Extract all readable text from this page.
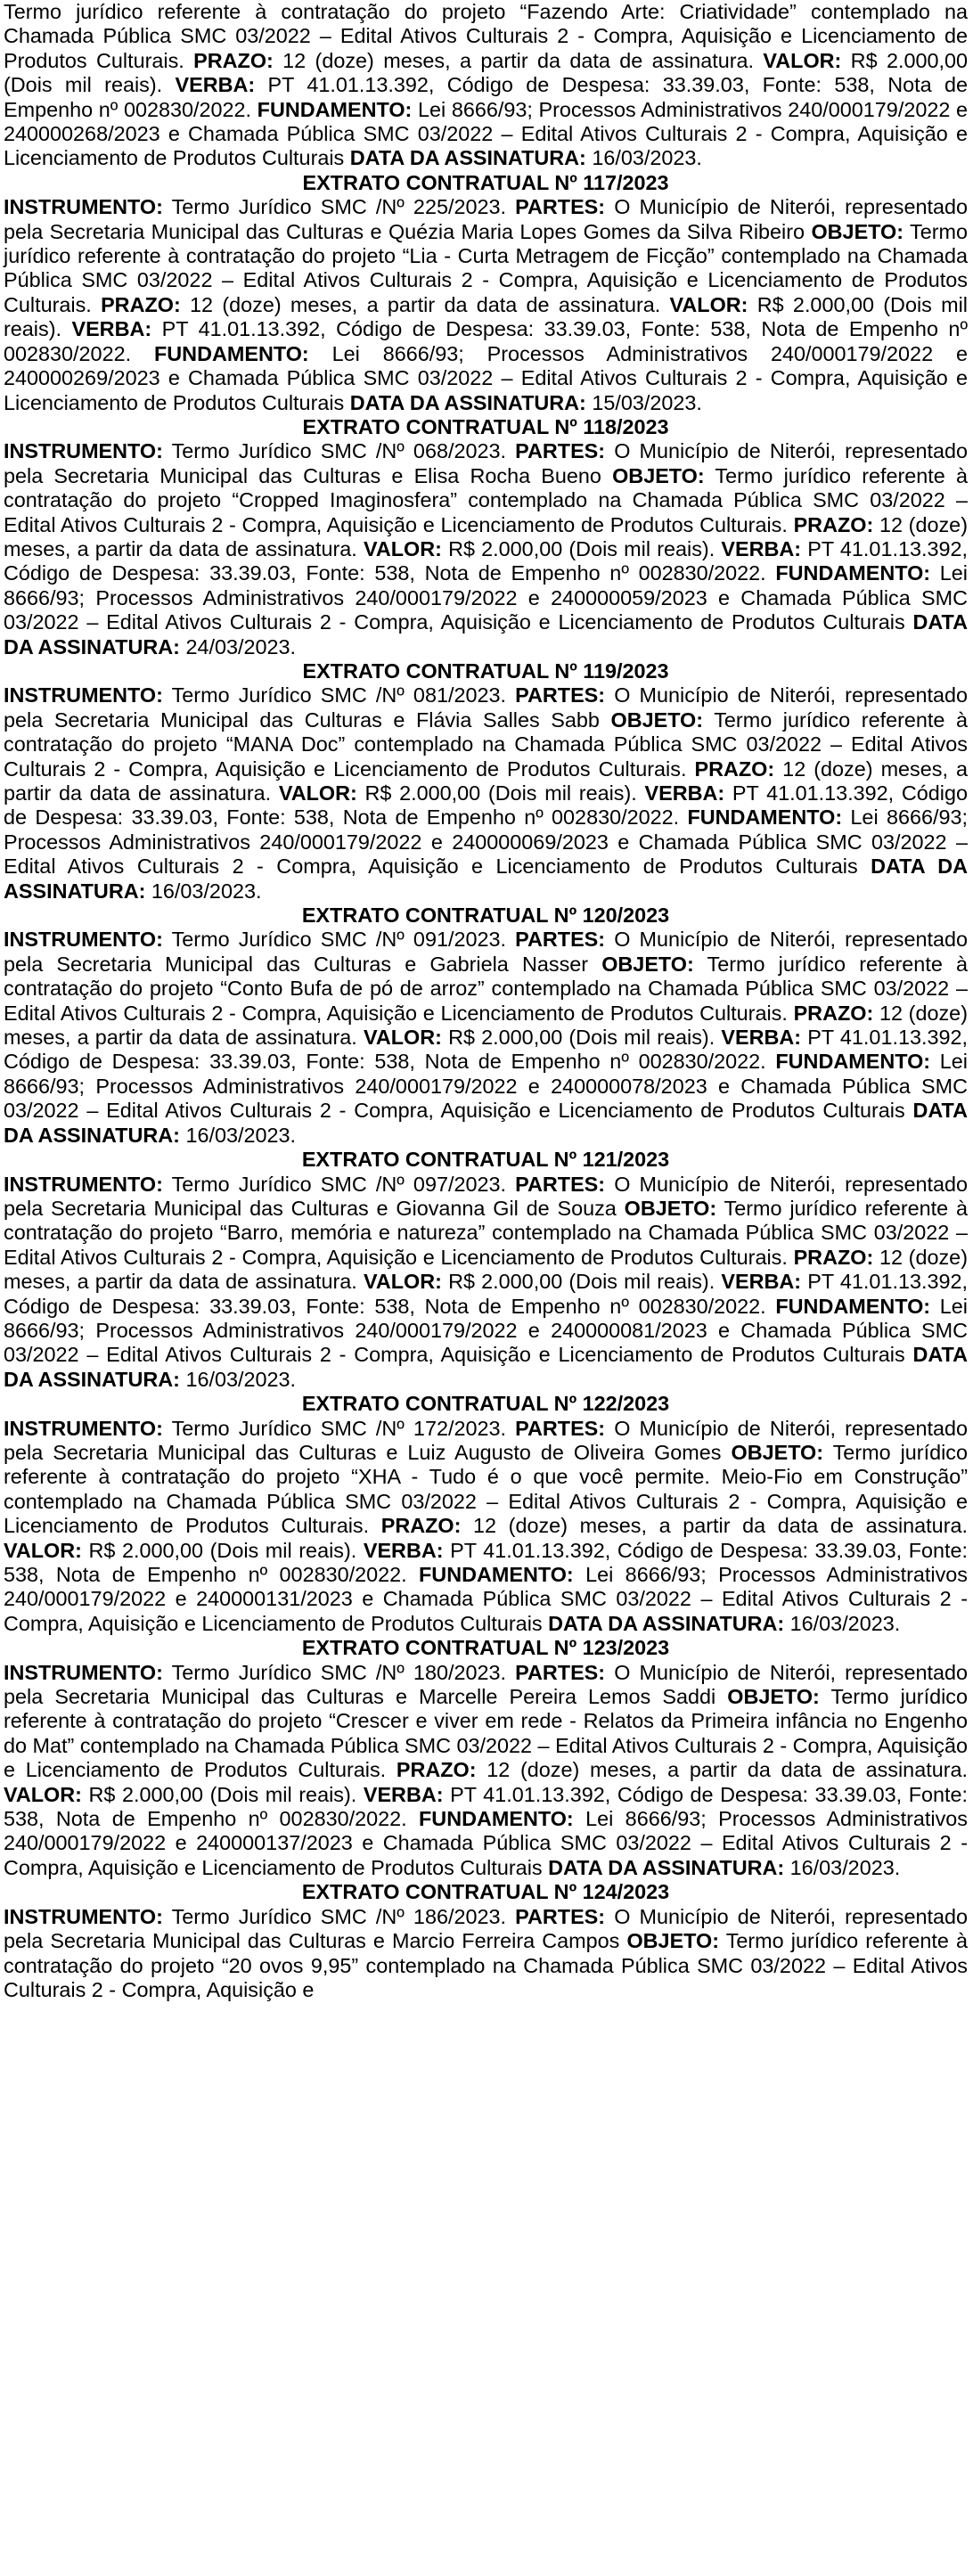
Termo jurídico referente à contratação do projeto “Fazendo Arte: Criatividade” contemplado na Chamada Pública SMC 03/2022 – Edital Ativos Culturais 2 - Compra, Aquisição e Licenciamento de Produtos Culturais. PRAZO: 12 (doze) meses, a partir da data de assinatura. VALOR: R$ 2.000,00 (Dois mil reais). VERBA: PT 41.01.13.392, Código de Despesa: 33.39.03, Fonte: 538, Nota de Empenho nº 002830/2022. FUNDAMENTO: Lei 8666/93; Processos Administrativos 240/000179/2022 e 240000268/2023 e Chamada Pública SMC 03/2022 – Edital Ativos Culturais 2 - Compra, Aquisição e Licenciamento de Produtos Culturais DATA DA ASSINATURA: 16/03/2023.
EXTRATO CONTRATUAL Nº 117/2023
INSTRUMENTO: Termo Jurídico SMC /Nº 225/2023. PARTES: O Município de Niterói, representado pela Secretaria Municipal das Culturas e Quézia Maria Lopes Gomes da Silva Ribeiro OBJETO: Termo jurídico referente à contratação do projeto “Lia - Curta Metragem de Ficção” contemplado na Chamada Pública SMC 03/2022 – Edital Ativos Culturais 2 - Compra, Aquisição e Licenciamento de Produtos Culturais. PRAZO: 12 (doze) meses, a partir da data de assinatura. VALOR: R$ 2.000,00 (Dois mil reais). VERBA: PT 41.01.13.392, Código de Despesa: 33.39.03, Fonte: 538, Nota de Empenho nº 002830/2022. FUNDAMENTO: Lei 8666/93; Processos Administrativos 240/000179/2022 e 240000269/2023 e Chamada Pública SMC 03/2022 – Edital Ativos Culturais 2 - Compra, Aquisição e Licenciamento de Produtos Culturais DATA DA ASSINATURA: 15/03/2023.
EXTRATO CONTRATUAL Nº 118/2023
INSTRUMENTO: Termo Jurídico SMC /Nº 068/2023. PARTES: O Município de Niterói, representado pela Secretaria Municipal das Culturas e Elisa Rocha Bueno OBJETO: Termo jurídico referente à contratação do projeto “Cropped Imaginosfera” contemplado na Chamada Pública SMC 03/2022 – Edital Ativos Culturais 2 - Compra, Aquisição e Licenciamento de Produtos Culturais. PRAZO: 12 (doze) meses, a partir da data de assinatura. VALOR: R$ 2.000,00 (Dois mil reais). VERBA: PT 41.01.13.392, Código de Despesa: 33.39.03, Fonte: 538, Nota de Empenho nº 002830/2022. FUNDAMENTO: Lei 8666/93; Processos Administrativos 240/000179/2022 e 240000059/2023 e Chamada Pública SMC 03/2022 – Edital Ativos Culturais 2 - Compra, Aquisição e Licenciamento de Produtos Culturais DATA DA ASSINATURA: 24/03/2023.
EXTRATO CONTRATUAL Nº 119/2023
INSTRUMENTO: Termo Jurídico SMC /Nº 081/2023. PARTES: O Município de Niterói, representado pela Secretaria Municipal das Culturas e Flávia Salles Sabb OBJETO: Termo jurídico referente à contratação do projeto “MANA Doc” contemplado na Chamada Pública SMC 03/2022 – Edital Ativos Culturais 2 - Compra, Aquisição e Licenciamento de Produtos Culturais. PRAZO: 12 (doze) meses, a partir da data de assinatura. VALOR: R$ 2.000,00 (Dois mil reais). VERBA: PT 41.01.13.392, Código de Despesa: 33.39.03, Fonte: 538, Nota de Empenho nº 002830/2022. FUNDAMENTO: Lei 8666/93; Processos Administrativos 240/000179/2022 e 240000069/2023 e Chamada Pública SMC 03/2022 – Edital Ativos Culturais 2 - Compra, Aquisição e Licenciamento de Produtos Culturais DATA DA ASSINATURA: 16/03/2023.
EXTRATO CONTRATUAL Nº 120/2023
INSTRUMENTO: Termo Jurídico SMC /Nº 091/2023. PARTES: O Município de Niterói, representado pela Secretaria Municipal das Culturas e Gabriela Nasser OBJETO: Termo jurídico referente à contratação do projeto “Conto Bufa de pó de arroz” contemplado na Chamada Pública SMC 03/2022 – Edital Ativos Culturais 2 - Compra, Aquisição e Licenciamento de Produtos Culturais. PRAZO: 12 (doze) meses, a partir da data de assinatura. VALOR: R$ 2.000,00 (Dois mil reais). VERBA: PT 41.01.13.392, Código de Despesa: 33.39.03, Fonte: 538, Nota de Empenho nº 002830/2022. FUNDAMENTO: Lei 8666/93; Processos Administrativos 240/000179/2022 e 240000078/2023 e Chamada Pública SMC 03/2022 – Edital Ativos Culturais 2 - Compra, Aquisição e Licenciamento de Produtos Culturais DATA DA ASSINATURA: 16/03/2023.
EXTRATO CONTRATUAL Nº 121/2023
INSTRUMENTO: Termo Jurídico SMC /Nº 097/2023. PARTES: O Município de Niterói, representado pela Secretaria Municipal das Culturas e Giovanna Gil de Souza OBJETO: Termo jurídico referente à contratação do projeto “Barro, memória e natureza” contemplado na Chamada Pública SMC 03/2022 – Edital Ativos Culturais 2 - Compra, Aquisição e Licenciamento de Produtos Culturais. PRAZO: 12 (doze) meses, a partir da data de assinatura. VALOR: R$ 2.000,00 (Dois mil reais). VERBA: PT 41.01.13.392, Código de Despesa: 33.39.03, Fonte: 538, Nota de Empenho nº 002830/2022. FUNDAMENTO: Lei 8666/93; Processos Administrativos 240/000179/2022 e 240000081/2023 e Chamada Pública SMC 03/2022 – Edital Ativos Culturais 2 - Compra, Aquisição e Licenciamento de Produtos Culturais DATA DA ASSINATURA: 16/03/2023.
EXTRATO CONTRATUAL Nº 122/2023
INSTRUMENTO: Termo Jurídico SMC /Nº 172/2023. PARTES: O Município de Niterói, representado pela Secretaria Municipal das Culturas e Luiz Augusto de Oliveira Gomes OBJETO: Termo jurídico referente à contratação do projeto “XHA - Tudo é o que você permite. Meio-Fio em Construção” contemplado na Chamada Pública SMC 03/2022 – Edital Ativos Culturais 2 - Compra, Aquisição e Licenciamento de Produtos Culturais. PRAZO: 12 (doze) meses, a partir da data de assinatura. VALOR: R$ 2.000,00 (Dois mil reais). VERBA: PT 41.01.13.392, Código de Despesa: 33.39.03, Fonte: 538, Nota de Empenho nº 002830/2022. FUNDAMENTO: Lei 8666/93; Processos Administrativos 240/000179/2022 e 240000131/2023 e Chamada Pública SMC 03/2022 – Edital Ativos Culturais 2 - Compra, Aquisição e Licenciamento de Produtos Culturais DATA DA ASSINATURA: 16/03/2023.
EXTRATO CONTRATUAL Nº 123/2023
INSTRUMENTO: Termo Jurídico SMC /Nº 180/2023. PARTES: O Município de Niterói, representado pela Secretaria Municipal das Culturas e Marcelle Pereira Lemos Saddi OBJETO: Termo jurídico referente à contratação do projeto “Crescer e viver em rede - Relatos da Primeira infância no Engenho do Mat” contemplado na Chamada Pública SMC 03/2022 – Edital Ativos Culturais 2 - Compra, Aquisição e Licenciamento de Produtos Culturais. PRAZO: 12 (doze) meses, a partir da data de assinatura. VALOR: R$ 2.000,00 (Dois mil reais). VERBA: PT 41.01.13.392, Código de Despesa: 33.39.03, Fonte: 538, Nota de Empenho nº 002830/2022. FUNDAMENTO: Lei 8666/93; Processos Administrativos 240/000179/2022 e 240000137/2023 e Chamada Pública SMC 03/2022 – Edital Ativos Culturais 2 - Compra, Aquisição e Licenciamento de Produtos Culturais DATA DA ASSINATURA: 16/03/2023.
EXTRATO CONTRATUAL Nº 124/2023
INSTRUMENTO: Termo Jurídico SMC /Nº 186/2023. PARTES: O Município de Niterói, representado pela Secretaria Municipal das Culturas e Marcio Ferreira Campos OBJETO: Termo jurídico referente à contratação do projeto “20 ovos 9,95” contemplado na Chamada Pública SMC 03/2022 – Edital Ativos Culturais 2 - Compra, Aquisição e
